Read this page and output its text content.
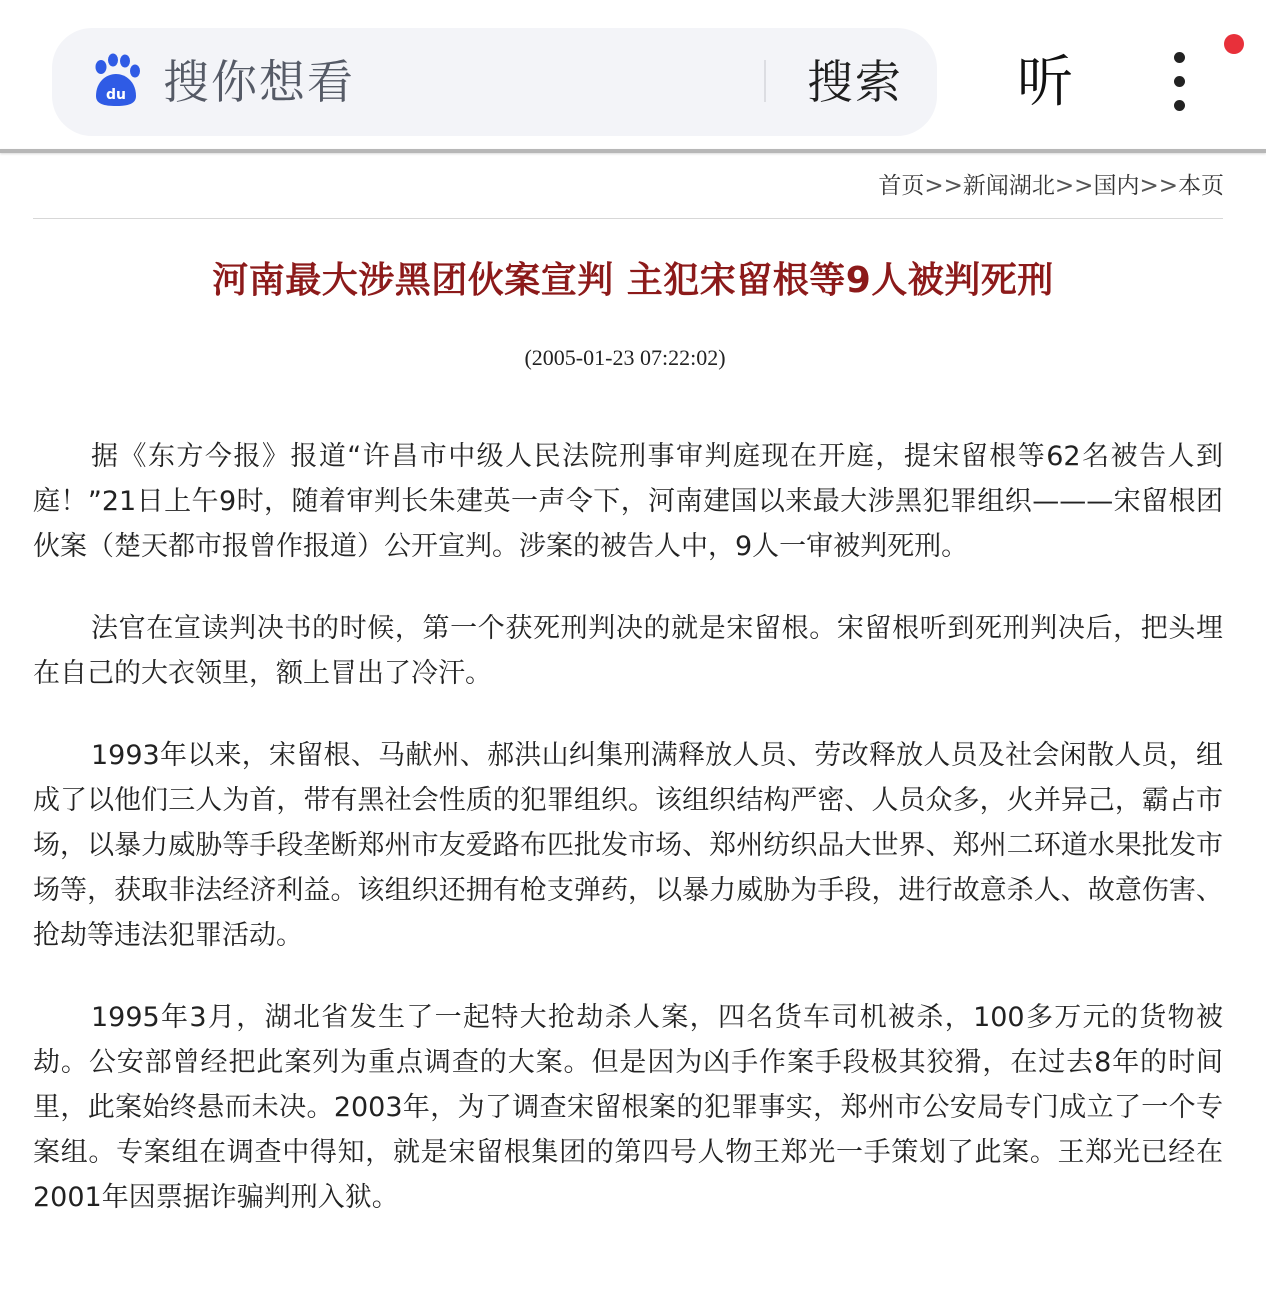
du 搜你想看	搜索	听
首页>>新闻湖北>>国内>>本页
河南最大涉黑团伙案宣判 主犯宋留根等9人被判死刑
(2005-01-23 07:22:02)

据《东方今报》报道“许昌市中级人民法院刑事审判庭现在开庭，提宋留根等62名被告人到庭！”21日上午9时，随着审判长朱建英一声令下，河南建国以来最大涉黑犯罪组织———宋留根团伙案（楚天都市报曾作报道）公开宣判。涉案的被告人中，9人一审被判死刑。

法官在宣读判决书的时候，第一个获死刑判决的就是宋留根。宋留根听到死刑判决后，把头埋在自己的大衣领里，额上冒出了冷汗。

1993年以来，宋留根、马献州、郝洪山纠集刑满释放人员、劳改释放人员及社会闲散人员，组成了以他们三人为首，带有黑社会性质的犯罪组织。该组织结构严密、人员众多，火并异己，霸占市场，以暴力威胁等手段垄断郑州市友爱路布匹批发市场、郑州纺织品大世界、郑州二环道水果批发市场等，获取非法经济利益。该组织还拥有枪支弹药，以暴力威胁为手段，进行故意杀人、故意伤害、抢劫等违法犯罪活动。

1995年3月，湖北省发生了一起特大抢劫杀人案，四名货车司机被杀，100多万元的货物被劫。公安部曾经把此案列为重点调查的大案。但是因为凶手作案手段极其狡猾，在过去8年的时间里，此案始终悬而未决。2003年，为了调查宋留根案的犯罪事实，郑州市公安局专门成立了一个专案组。专案组在调查中得知，就是宋留根集团的第四号人物王郑光一手策划了此案。王郑光已经在2001年因票据诈骗判刑入狱。
